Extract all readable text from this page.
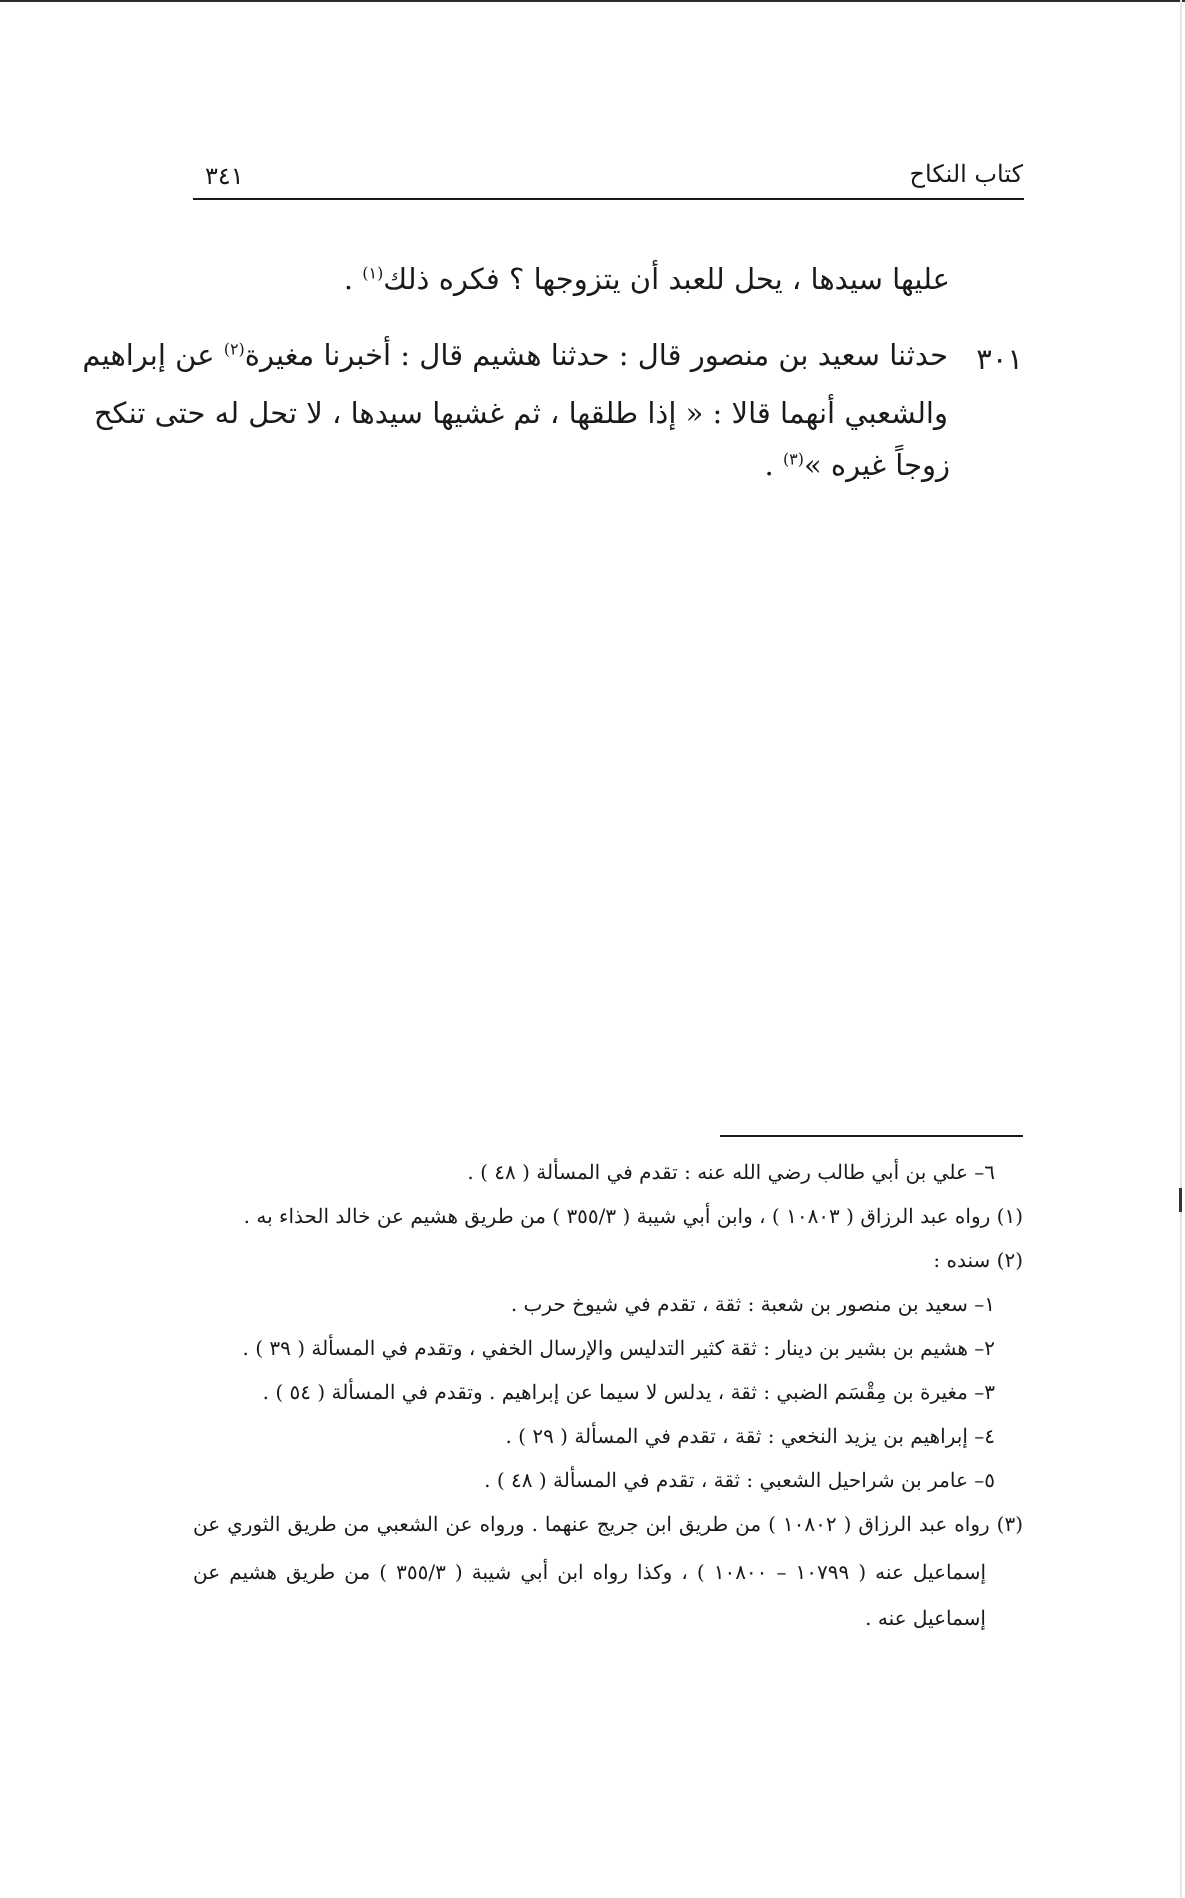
كتاب النكاح
٣٤١
عليها سيدها ، يحل للعبد أن يتزوجها ؟ فكره ذلك$^{(١)}$ .
٣٠١
حدثنا سعيد بن منصور قال : حدثنا هشيم قال : أخبرنا مغيرة$^{(٢)}$ عن إبراهيم
والشعبي أنهما قالا : « إذا طلقها ، ثم غشيها سيدها ، لا تحل له حتى تنكح
زوجاً غيره »$^{(٣)}$ .
٦– علي بن أبي طالب رضي الله عنه : تقدم في المسألة ( ٤٨ ) .
(١) رواه عبد الرزاق ( ١٠٨٠٣ ) ، وابن أبي شيبة ( ٣٥٥/٣ ) من طريق هشيم عن خالد الحذاء به .
(٢) سنده :
١– سعيد بن منصور بن شعبة : ثقة ، تقدم في شيوخ حرب .
٢– هشيم بن بشير بن دينار : ثقة كثير التدليس والإرسال الخفي ، وتقدم في المسألة ( ٣٩ ) .
٣– مغيرة بن مِقْسَم الضبي : ثقة ، يدلس لا سيما عن إبراهيم . وتقدم في المسألة ( ٥٤ ) .
٤– إبراهيم بن يزيد النخعي : ثقة ، تقدم في المسألة ( ٢٩ ) .
٥– عامر بن شراحيل الشعبي : ثقة ، تقدم في المسألة ( ٤٨ ) .
(٣) رواه عبد الرزاق ( ١٠٨٠٢ ) من طريق ابن جريج عنهما . ورواه عن الشعبي من طريق الثوري عن
إسماعيل عنه ( ١٠٧٩٩ – ١٠٨٠٠ ) ، وكذا رواه ابن أبي شيبة ( ٣٥٥/٣ ) من طريق هشيم عن
إسماعيل عنه .
